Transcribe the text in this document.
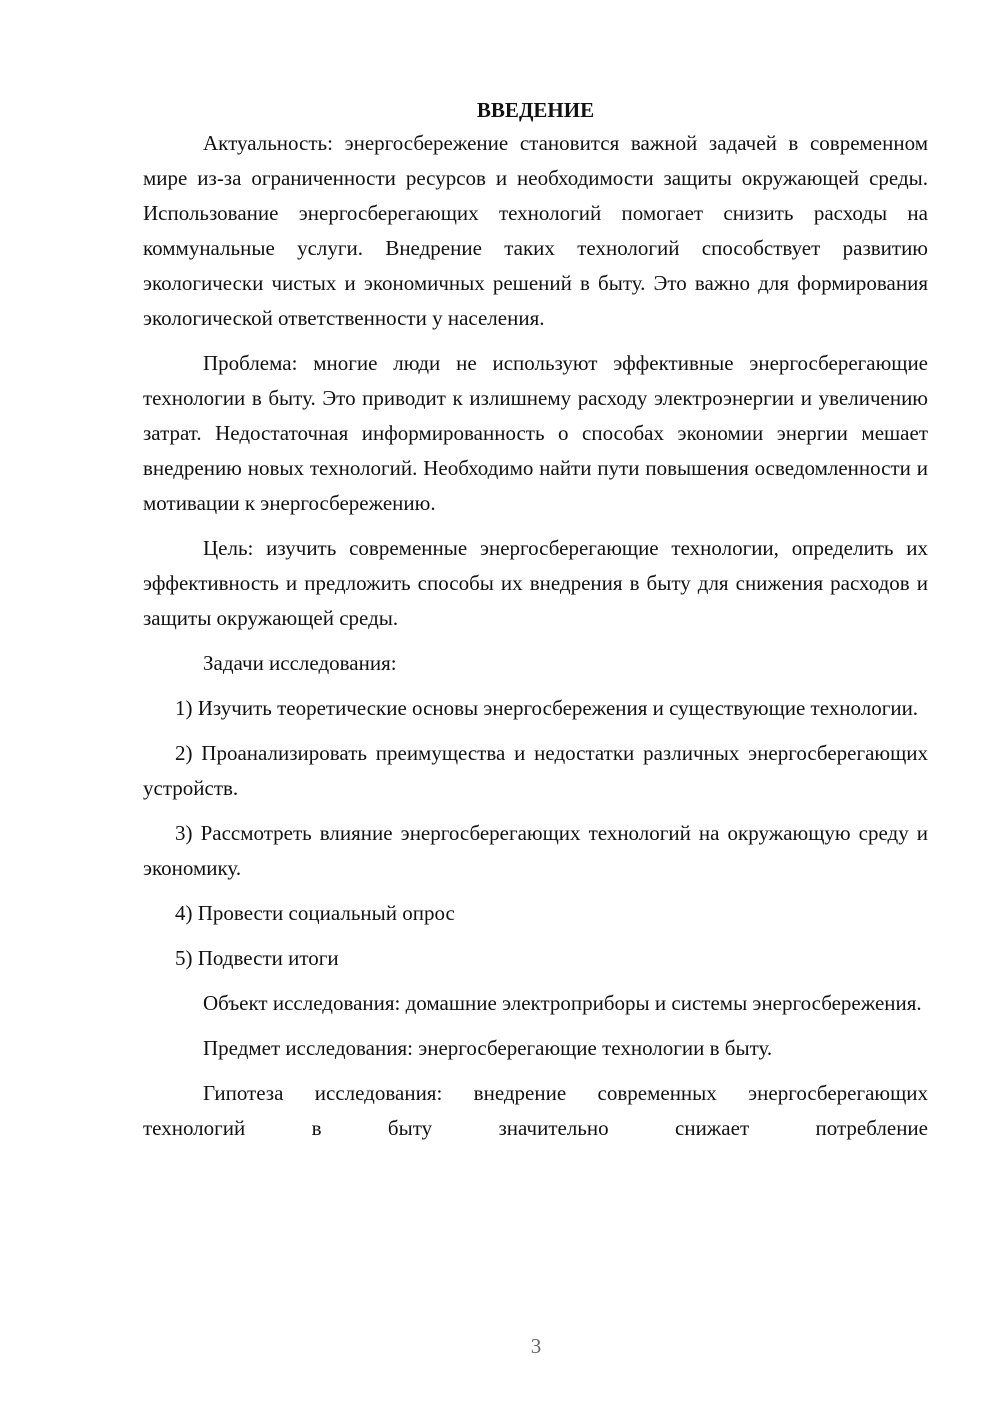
ВВЕДЕНИЕ

Актуальность: энергосбережение становится важной задачей в современном мире из-за ограниченности ресурсов и необходимости защиты окружающей среды. Использование энергосберегающих технологий помогает снизить расходы на коммунальные услуги. Внедрение таких технологий способствует развитию экологически чистых и экономичных решений в быту. Это важно для формирования экологической ответственности у населения.

Проблема: многие люди не используют эффективные энергосберегающие технологии в быту. Это приводит к излишнему расходу электроэнергии и увеличению затрат. Недостаточная информированность о способах экономии энергии мешает внедрению новых технологий. Необходимо найти пути повышения осведомленности и мотивации к энергосбережению.

Цель: изучить современные энергосберегающие технологии, определить их эффективность и предложить способы их внедрения в быту для снижения расходов и защиты окружающей среды.

Задачи исследования:

1) Изучить теоретические основы энергосбережения и существующие технологии.

2) Проанализировать преимущества и недостатки различных энергосберегающих устройств.

3) Рассмотреть влияние энергосберегающих технологий на окружающую среду и экономику.

4) Провести социальный опрос

5) Подвести итоги

Объект исследования: домашние электроприборы и системы энергосбережения.

Предмет исследования: энергосберегающие технологии в быту.

Гипотеза исследования: внедрение современных энергосберегающих технологий в быту значительно снижает потребление

3
